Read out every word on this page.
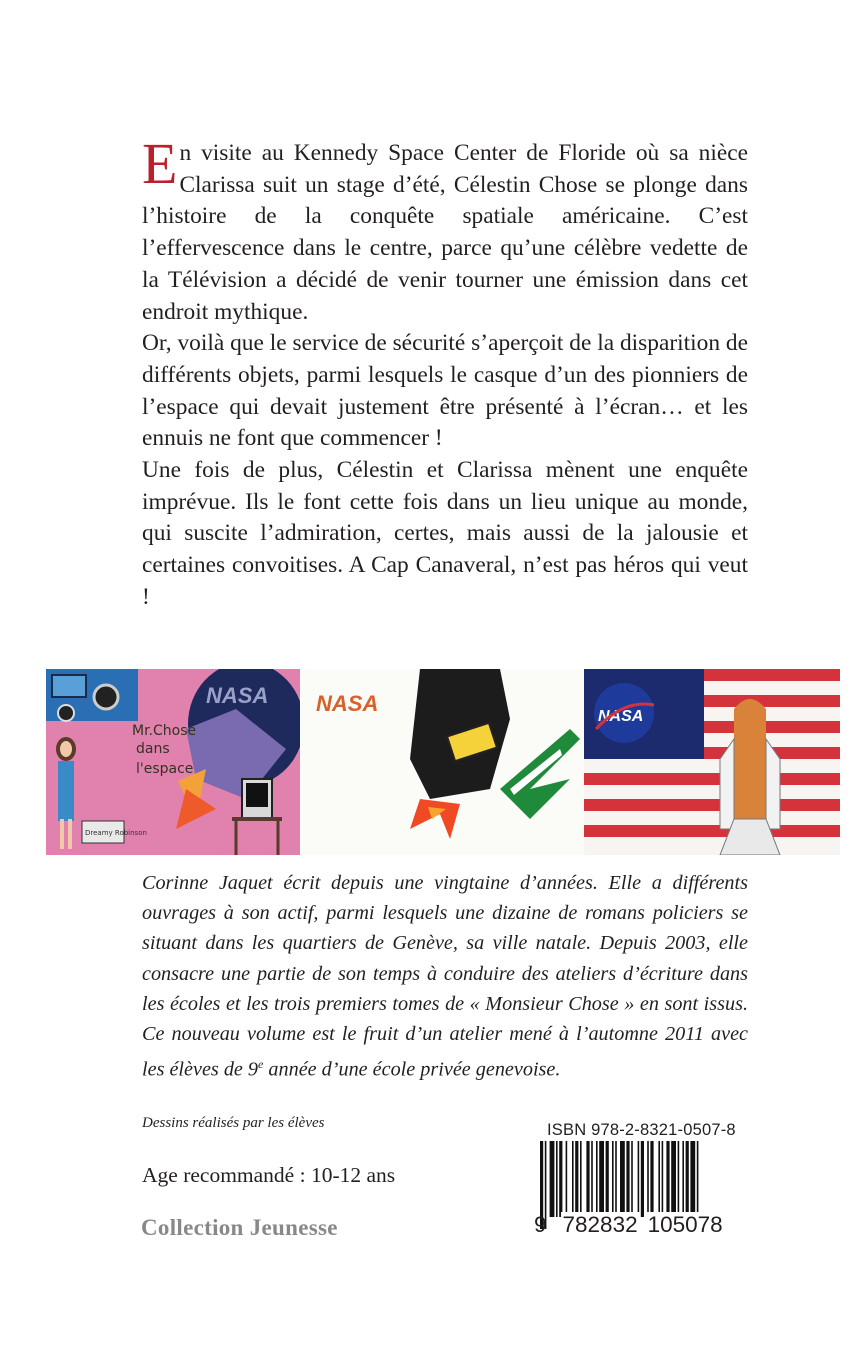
En visite au Kennedy Space Center de Floride où sa nièce Clarissa suit un stage d’été, Célestin Chose se plonge dans l’histoire de la conquête spatiale américaine. C’est l’effervescence dans le centre, parce qu’une célèbre vedette de la Télévision a décidé de venir tourner une émission dans cet endroit mythique.

Or, voilà que le service de sécurité s’aperçoit de la disparition de différents objets, parmi lesquels le casque d’un des pionniers de l’espace qui devait justement être présenté à l’écran… et les ennuis ne font que commencer !

Une fois de plus, Célestin et Clarissa mènent une enquête imprévue. Ils le font cette fois dans un lieu unique au monde, qui suscite l’admiration, certes, mais aussi de la jalousie et certaines convoitises. A Cap Canaveral, n’est pas héros qui veut !

NASA
Mr.Chose
dans
l'espace
Dreamy Robinson
NASA
NASA
Corinne Jaquet écrit depuis une vingtaine d’années. Elle a différents ouvrages à son actif, parmi lesquels une dizaine de romans policiers se situant dans les quartiers de Genève, sa ville natale. Depuis 2003, elle consacre une partie de son temps à conduire des ateliers d’écriture dans les écoles et les trois premiers tomes de « Monsieur Chose » en sont issus. Ce nouveau volume est le fruit d’un atelier mené à l’automne 2011 avec les élèves de 9e année d’une école privée genevoise.
Dessins réalisés par les élèves
Age recommandé : 10-12 ans
Collection Jeunesse
ISBN 978-2-8321-0507-8
9 782832 105078
